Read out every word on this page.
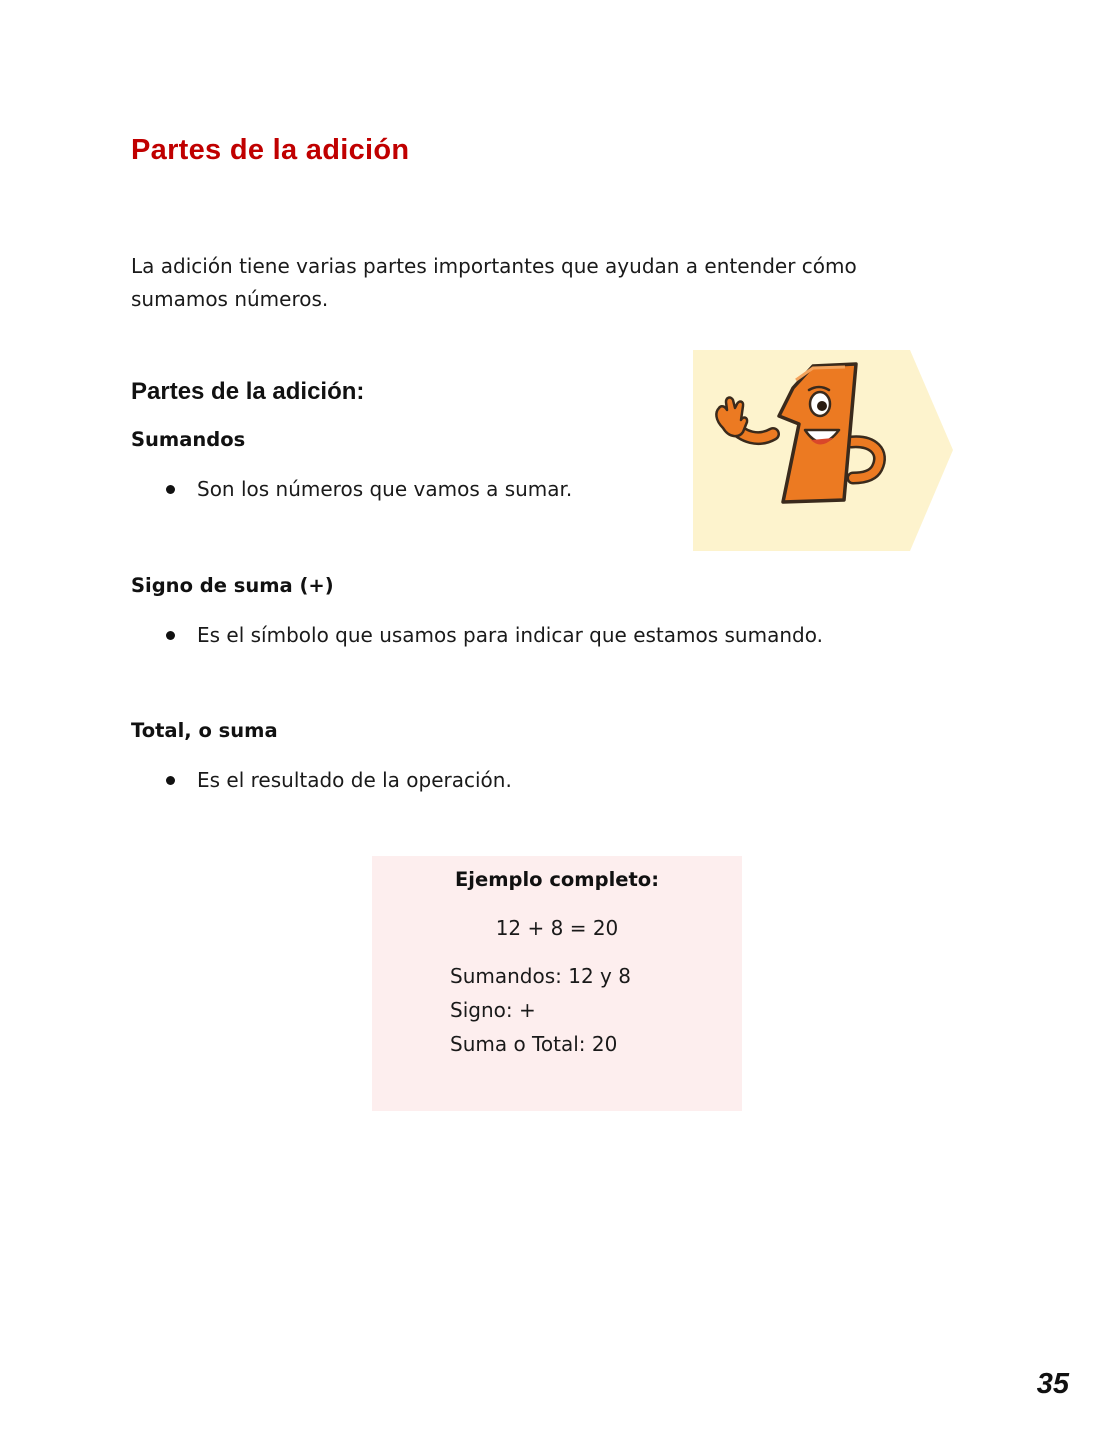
Partes de la adición

La adición tiene varias partes importantes que ayudan a entender cómo sumamos números.

Partes de la adición:
Sumandos
Son los números que vamos a sumar.
Signo de suma (+)
Es el símbolo que usamos para indicar que estamos sumando.
Total, o suma
Es el resultado de la operación.
Ejemplo completo:
12 + 8 = 20
Sumandos: 12 y 8
Signo: +
Suma o Total: 20
35
